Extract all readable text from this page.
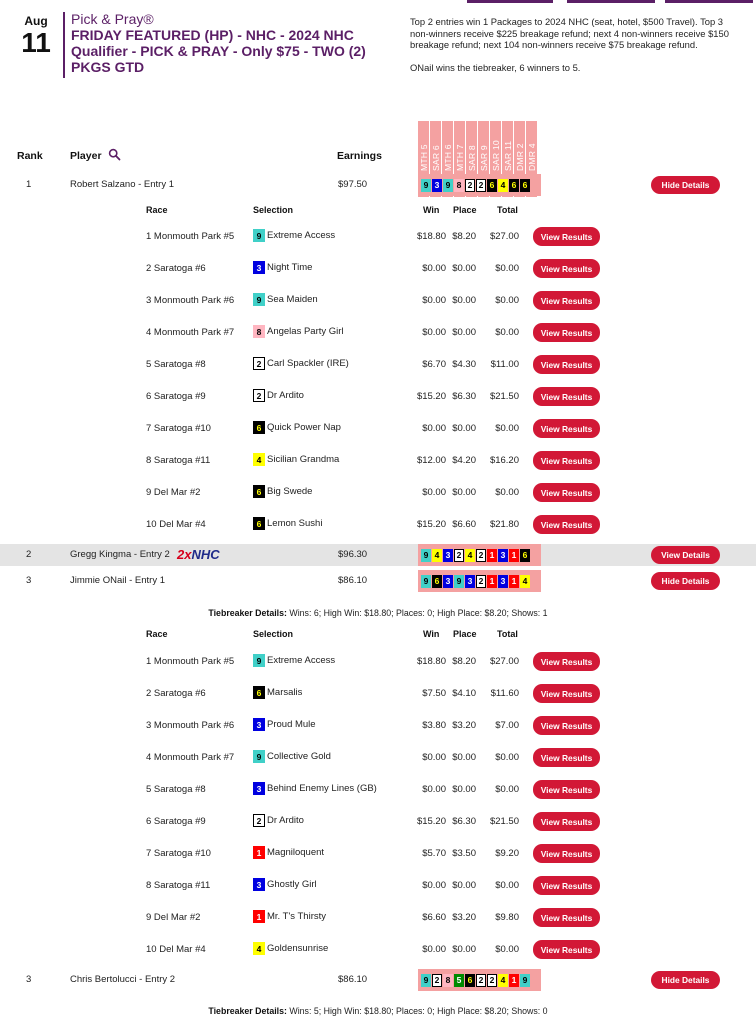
Aug
11
Pick & Pray®
FRIDAY FEATURED (HP) - NHC - 2024 NHC Qualifier - PICK & PRAY - Only $75 - TWO (2) PKGS GTD

Top 2 entries win 1 Packages to 2024 NHC (seat, hotel, $500 Travel). Top 3 non-winners receive $225 breakage refund; next 4 non-winners receive $150 breakage refund; next 104 non-winners receive $75 breakage refund.

ONail wins the tiebreaker, 6 winners to 5.

MTH 5 SAR 6 MTH 6 MTH 7 SAR 8 SAR 9 SAR 10 SAR 11 DMR 2 DMR 4
Rank	Player	Earnings
1	Robert Salzano - Entry 1	$97.50	9 3 9 8 2 2 6 4 6 6	Hide Details
Race	Selection	Win Place Total
1 Monmouth Park #5	9 Extreme Access	$18.80 $8.20 $27.00	View Results
2 Saratoga #6	3 Night Time	$0.00 $0.00 $0.00	View Results
3 Monmouth Park #6	9 Sea Maiden	$0.00 $0.00 $0.00	View Results
4 Monmouth Park #7	8 Angelas Party Girl	$0.00 $0.00 $0.00	View Results
5 Saratoga #8	2 Carl Spackler (IRE)	$6.70 $4.30 $11.00	View Results
6 Saratoga #9	2 Dr Ardito	$15.20 $6.30 $21.50	View Results
7 Saratoga #10	6 Quick Power Nap	$0.00 $0.00 $0.00	View Results
8 Saratoga #11	4 Sicilian Grandma	$12.00 $4.20 $16.20	View Results
9 Del Mar #2	6 Big Swede	$0.00 $0.00 $0.00	View Results
10 Del Mar #4	6 Lemon Sushi	$15.20 $6.60 $21.80	View Results
2	Gregg Kingma - Entry 2 2xNHC	$96.30	9 4 3 2 4 2 1 3 1 6	View Details
3	Jimmie ONail - Entry 1	$86.10	9 6 3 9 3 2 1 3 1 4	Hide Details
Tiebreaker Details: Wins: 6; High Win: $18.80; Places: 0; High Place: $8.20; Shows: 1
Race	Selection	Win Place Total
1 Monmouth Park #5	9 Extreme Access	$18.80 $8.20 $27.00	View Results
2 Saratoga #6	6 Marsalis	$7.50 $4.10 $11.60	View Results
3 Monmouth Park #6	3 Proud Mule	$3.80 $3.20 $7.00	View Results
4 Monmouth Park #7	9 Collective Gold	$0.00 $0.00 $0.00	View Results
5 Saratoga #8	3 Behind Enemy Lines (GB)	$0.00 $0.00 $0.00	View Results
6 Saratoga #9	2 Dr Ardito	$15.20 $6.30 $21.50	View Results
7 Saratoga #10	1 Magniloquent	$5.70 $3.50 $9.20	View Results
8 Saratoga #11	3 Ghostly Girl	$0.00 $0.00 $0.00	View Results
9 Del Mar #2	1 Mr. T's Thirsty	$6.60 $3.20 $9.80	View Results
10 Del Mar #4	4 Goldensunrise	$0.00 $0.00 $0.00	View Results
3	Chris Bertolucci - Entry 2	$86.10	9 2 8 5 6 2 2 4 1 9	Hide Details
Tiebreaker Details: Wins: 5; High Win: $18.80; Places: 0; High Place: $8.20; Shows: 0
